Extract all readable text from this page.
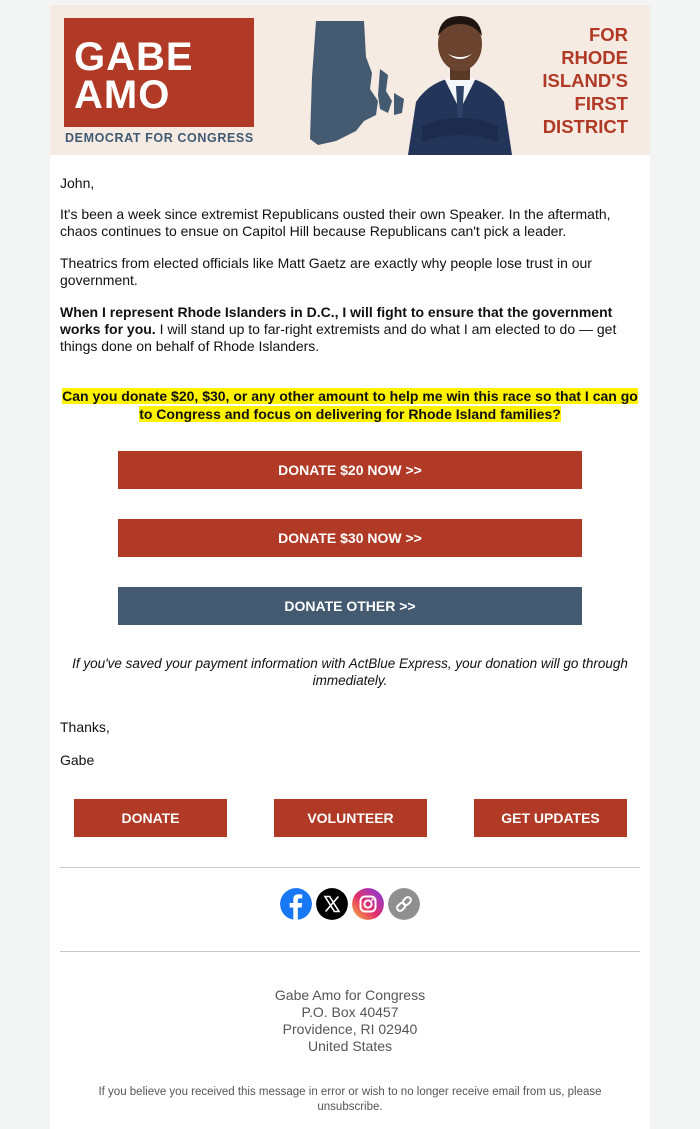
GABE
AMO
DEMOCRAT FOR CONGRESS
FOR
RHODE
ISLAND'S
FIRST
DISTRICT

John,

It's been a week since extremist Republicans ousted their own Speaker. In the aftermath, chaos continues to ensue on Capitol Hill because Republicans can't pick a leader.

Theatrics from elected officials like Matt Gaetz are exactly why people lose trust in our government.

When I represent Rhode Islanders in D.C., I will fight to ensure that the government works for you. I will stand up to far-right extremists and do what I am elected to do — get things done on behalf of Rhode Islanders.

Can you donate $20, $30, or any other amount to help me win this race so that I can go to Congress and focus on delivering for Rhode Island families?
DONATE $20 NOW >>
DONATE $30 NOW >>
DONATE OTHER >>
If you've saved your payment information with ActBlue Express, your donation will go through immediately.
Thanks,
Gabe
DONATE	VOLUNTEER	GET UPDATES
Gabe Amo for Congress
P.O. Box 40457
Providence, RI 02940
United States
If you believe you received this message in error or wish to no longer receive email from us, please unsubscribe.
